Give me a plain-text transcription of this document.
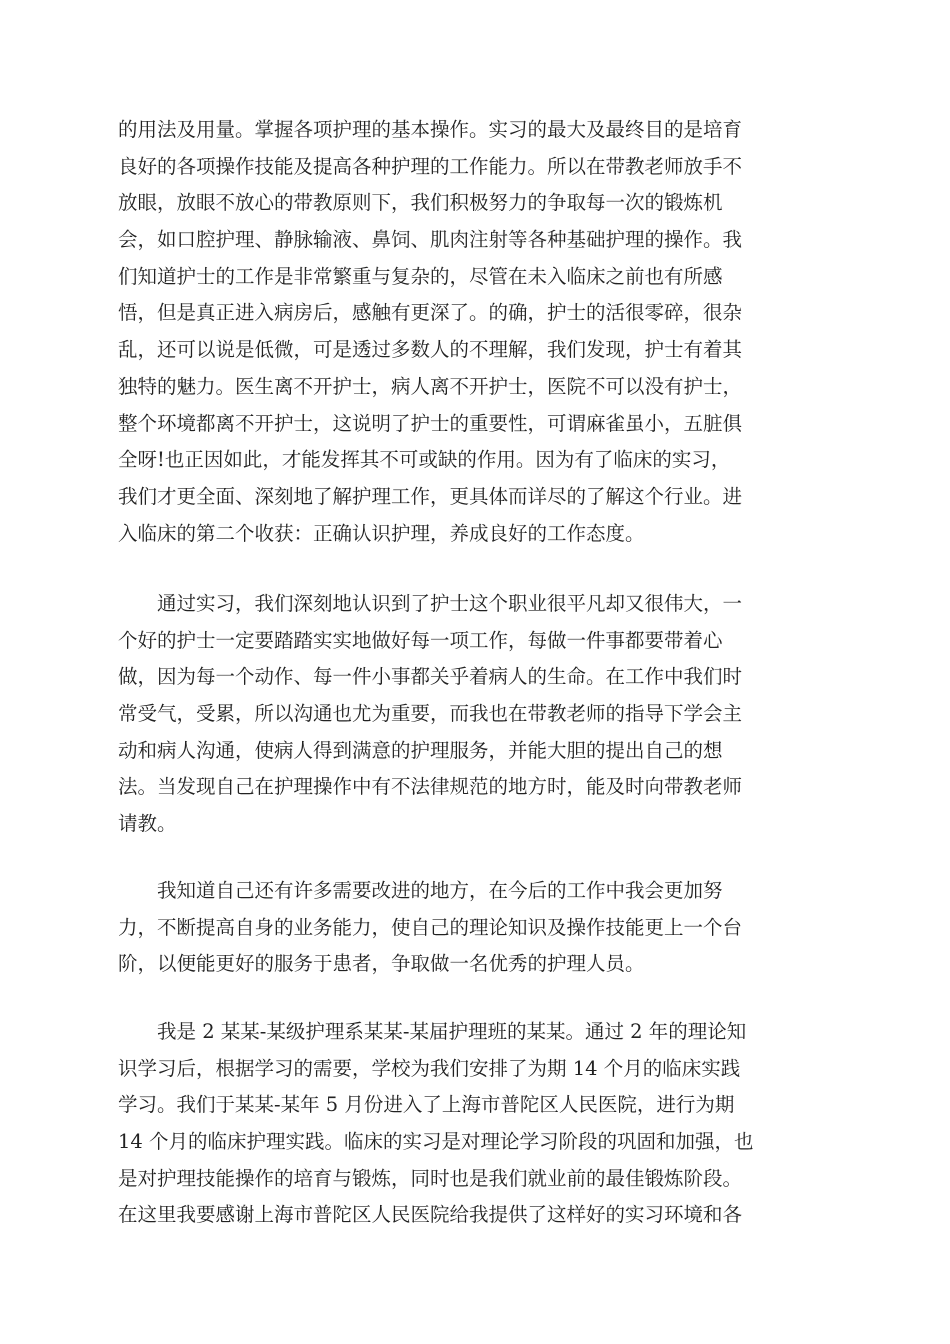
的用法及用量。掌握各项护理的基本操作。实习的最大及最终目的是培育
良好的各项操作技能及提高各种护理的工作能力。所以在带教老师放手不
放眼，放眼不放心的带教原则下，我们积极努力的争取每一次的锻炼机
会，如口腔护理、静脉输液、鼻饲、肌肉注射等各种基础护理的操作。我
们知道护士的工作是非常繁重与复杂的，尽管在未入临床之前也有所感
悟，但是真正进入病房后，感触有更深了。的确，护士的活很零碎，很杂
乱，还可以说是低微，可是透过多数人的不理解，我们发现，护士有着其
独特的魅力。医生离不开护士，病人离不开护士，医院不可以没有护士，
整个环境都离不开护士，这说明了护士的重要性，可谓麻雀虽小，五脏俱
全呀!也正因如此，才能发挥其不可或缺的作用。因为有了临床的实习，
我们才更全面、深刻地了解护理工作，更具体而详尽的了解这个行业。进
入临床的第二个收获：正确认识护理，养成良好的工作态度。
　　通过实习，我们深刻地认识到了护士这个职业很平凡却又很伟大，一
个好的护士一定要踏踏实实地做好每一项工作，每做一件事都要带着心
做，因为每一个动作、每一件小事都关乎着病人的生命。在工作中我们时
常受气，受累，所以沟通也尤为重要，而我也在带教老师的指导下学会主
动和病人沟通，使病人得到满意的护理服务，并能大胆的提出自己的想
法。当发现自己在护理操作中有不法律规范的地方时，能及时向带教老师
请教。
　　我知道自己还有许多需要改进的地方，在今后的工作中我会更加努
力，不断提高自身的业务能力，使自己的理论知识及操作技能更上一个台
阶，以便能更好的服务于患者，争取做一名优秀的护理人员。
　　我是 2 某某-某级护理系某某-某届护理班的某某。通过 2 年的理论知
识学习后，根据学习的需要，学校为我们安排了为期 14 个月的临床实践
学习。我们于某某-某年 5 月份进入了上海市普陀区人民医院，进行为期
14 个月的临床护理实践。临床的实习是对理论学习阶段的巩固和加强，也
是对护理技能操作的培育与锻炼，同时也是我们就业前的最佳锻炼阶段。
在这里我要感谢上海市普陀区人民医院给我提供了这样好的实习环境和各
